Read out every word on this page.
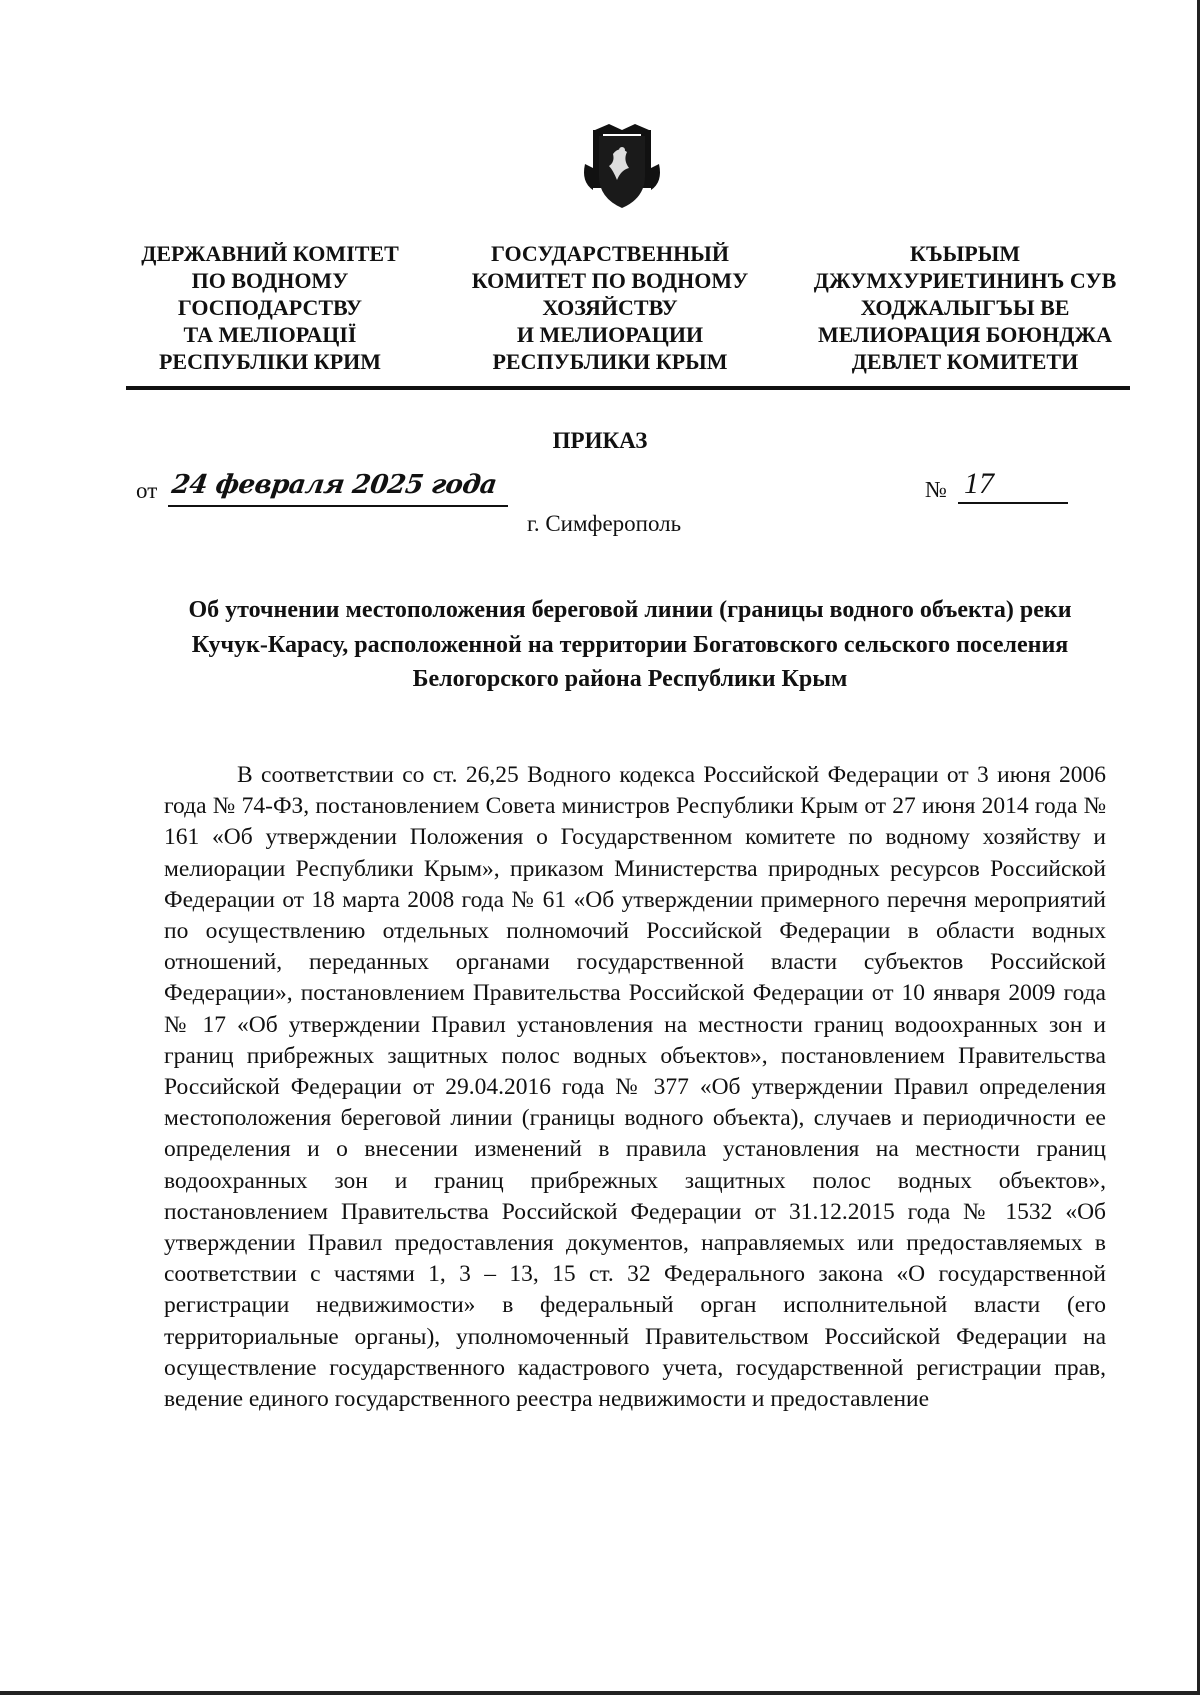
ДЕРЖАВНИЙ КОМІТЕТ
ПО ВОДНОМУ
ГОСПОДАРСТВУ
ТА МЕЛІОРАЦІЇ
РЕСПУБЛІКИ КРИМ
ГОСУДАРСТВЕННЫЙ
КОМИТЕТ ПО ВОДНОМУ
ХОЗЯЙСТВУ
И МЕЛИОРАЦИИ
РЕСПУБЛИКИ КРЫМ
КЪЫРЫМ
ДЖУМХУРИЕТИНИНЪ СУВ
ХОДЖАЛЫГЪЫ ВЕ
МЕЛИОРАЦИЯ БОЮНДЖА
ДЕВЛЕТ КОМИТЕТИ
ПРИКАЗ
от 24 февраля 2025 года
г. Симферополь
№ 17
Об уточнении местоположения береговой линии (границы водного объекта) реки Кучук-Карасу, расположенной на территории Богатовского сельского поселения Белогорского района Республики Крым
В соответствии со ст. 26,25 Водного кодекса Российской Федерации от 3 июня 2006 года № 74-ФЗ, постановлением Совета министров Республики Крым от 27 июня 2014 года № 161 «Об утверждении Положения о Государственном комитете по водному хозяйству и мелиорации Республики Крым», приказом Министерства природных ресурсов Российской Федерации от 18 марта 2008 года № 61 «Об утверждении примерного перечня мероприятий по осуществлению отдельных полномочий Российской Федерации в области водных отношений, переданных органами государственной власти субъектов Российской Федерации», постановлением Правительства Российской Федерации от 10 января 2009 года № 17 «Об утверждении Правил установления на местности границ водоохранных зон и границ прибрежных защитных полос водных объектов», постановлением Правительства Российской Федерации от 29.04.2016 года № 377 «Об утверждении Правил определения местоположения береговой линии (границы водного объекта), случаев и периодичности ее определения и о внесении изменений в правила установления на местности границ водоохранных зон и границ прибрежных защитных полос водных объектов», постановлением Правительства Российской Федерации от 31.12.2015 года № 1532 «Об утверждении Правил предоставления документов, направляемых или предоставляемых в соответствии с частями 1, 3 – 13, 15 ст. 32 Федерального закона «О государственной регистрации недвижимости» в федеральный орган исполнительной власти (его территориальные органы), уполномоченный Правительством Российской Федерации на осуществление государственного кадастрового учета, государственной регистрации прав, ведение единого государственного реестра недвижимости и предоставление
